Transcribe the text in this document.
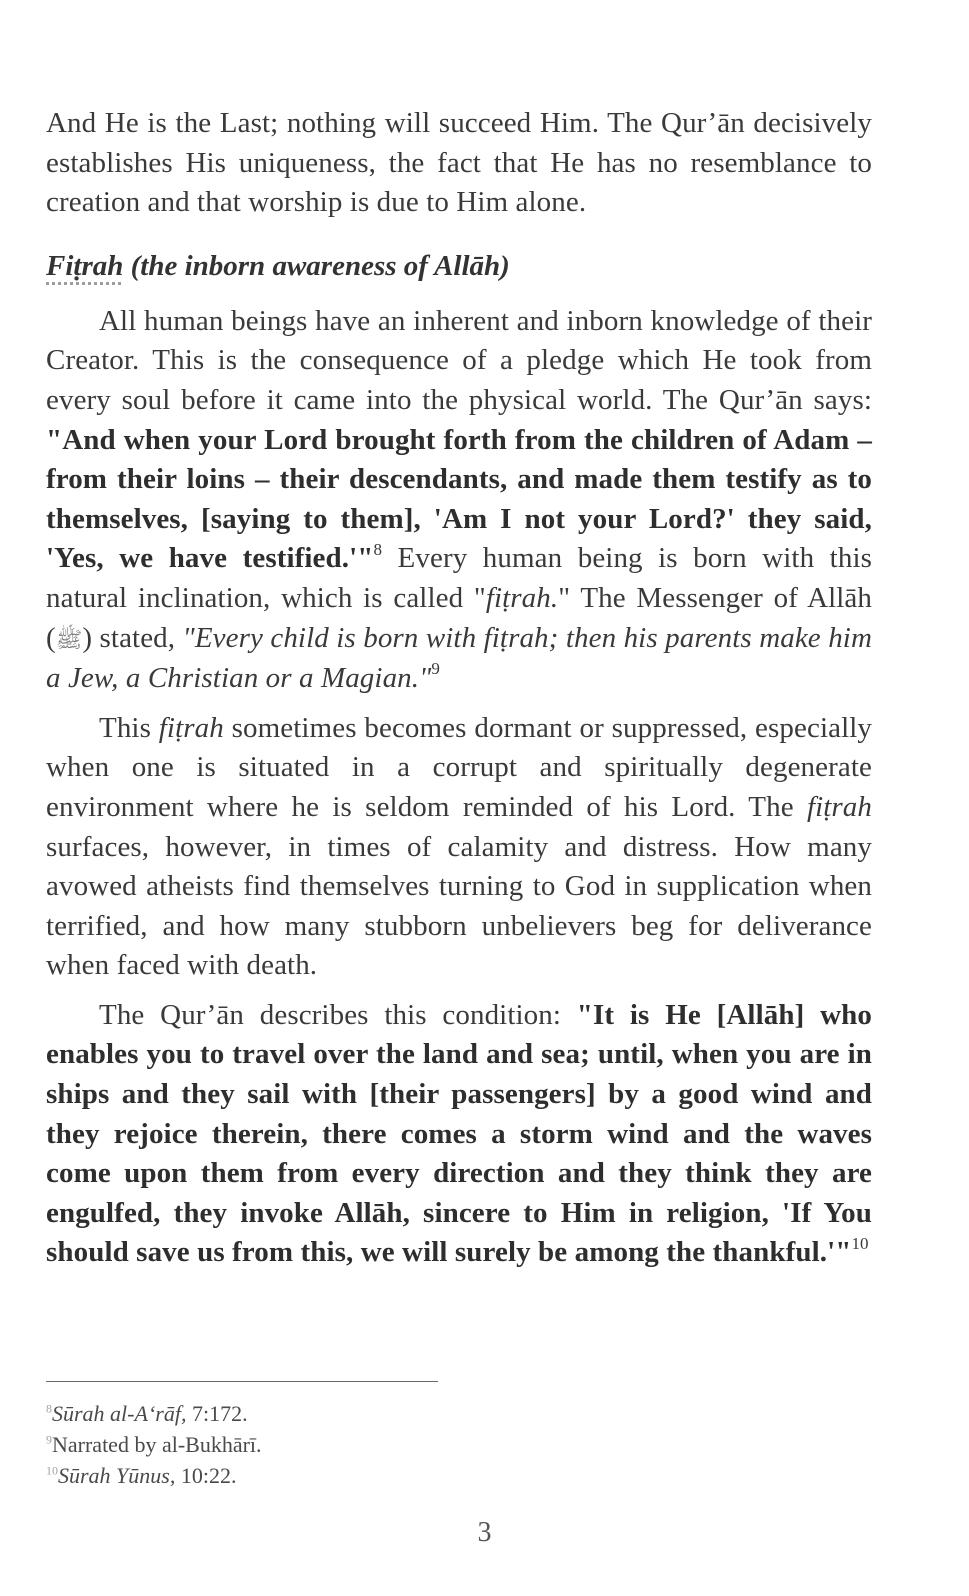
And He is the Last; nothing will succeed Him. The Qur’ān decisively establishes His uniqueness, the fact that He has no resemblance to creation and that worship is due to Him alone.

Fiṭrah (the inborn awareness of Allāh)

All human beings have an inherent and inborn knowledge of their Creator. This is the consequence of a pledge which He took from every soul before it came into the physical world. The Qur’ān says: "And when your Lord brought forth from the children of Adam – from their loins – their descendants, and made them testify as to themselves, [saying to them], 'Am I not your Lord?' they said, 'Yes, we have testified.'"$^8$ Every human being is born with this natural inclination, which is called "fiṭrah." The Messenger of Allāh (ﷺ) stated, "Every child is born with fiṭrah; then his parents make him a Jew, a Christian or a Magian."$^9$

This fiṭrah sometimes becomes dormant or suppressed, especially when one is situated in a corrupt and spiritually degenerate environment where he is seldom reminded of his Lord. The fiṭrah surfaces, however, in times of calamity and distress. How many avowed atheists find themselves turning to God in supplication when terrified, and how many stubborn unbelievers beg for deliverance when faced with death.

The Qur’ān describes this condition: "It is He [Allāh] who enables you to travel over the land and sea; until, when you are in ships and they sail with [their passengers] by a good wind and they rejoice therein, there comes a storm wind and the waves come upon them from every direction and they think they are engulfed, they invoke Allāh, sincere to Him in religion, 'If You should save us from this, we will surely be among the thankful.'"$^{10}$

$^8$Sūrah al-A‘rāf, 7:172.

$^9$Narrated by al-Bukhārī.

$^{10}$Sūrah Yūnus, 10:22.

3
